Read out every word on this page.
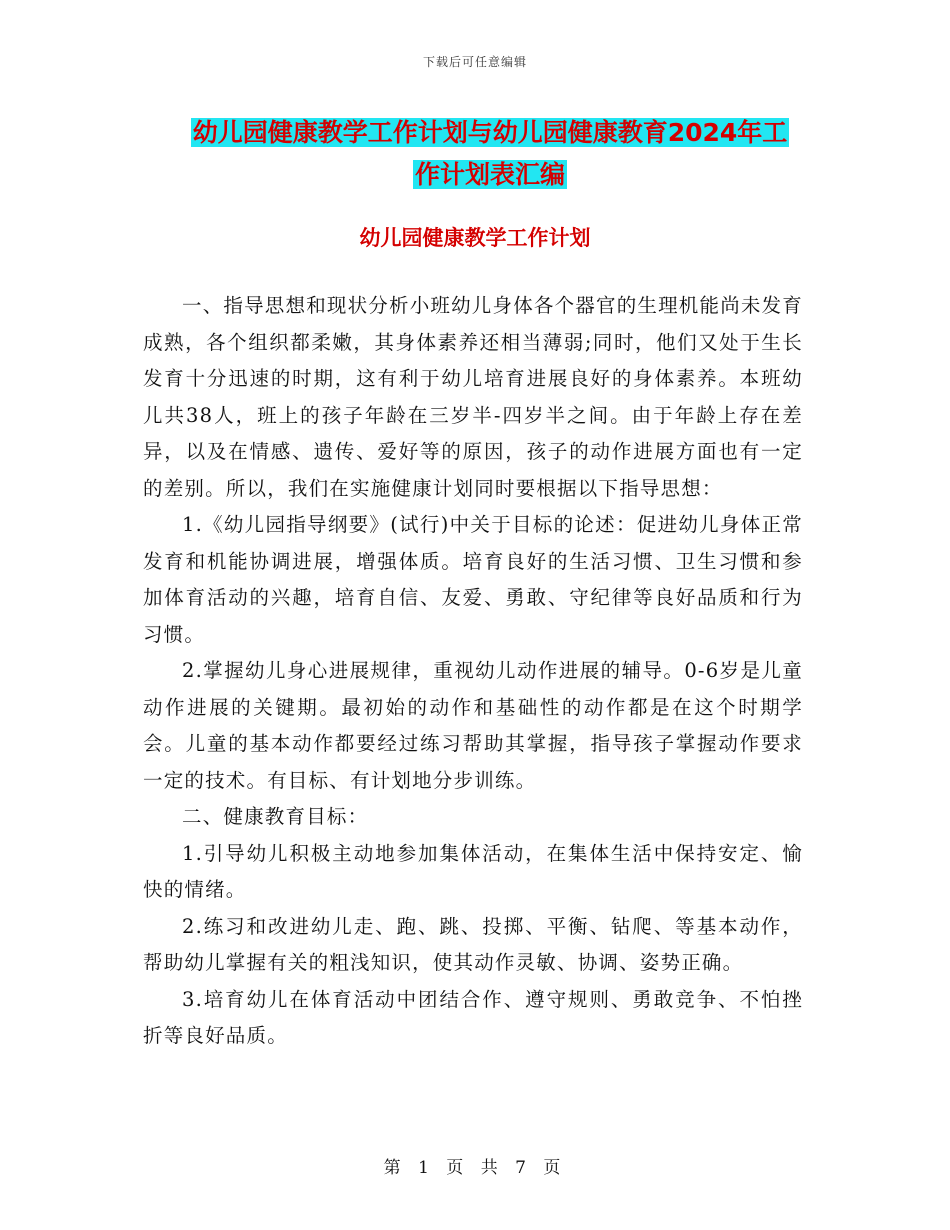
下载后可任意编辑
幼儿园健康教学工作计划与幼儿园健康教育2024年工
作计划表汇编
幼儿园健康教学工作计划

一、指导思想和现状分析小班幼儿身体各个器官的生理机能尚未发育成熟，各个组织都柔嫩，其身体素养还相当薄弱;同时，他们又处于生长发育十分迅速的时期，这有利于幼儿培育进展良好的身体素养。本班幼儿共38人，班上的孩子年龄在三岁半-四岁半之间。由于年龄上存在差异，以及在情感、遗传、爱好等的原因，孩子的动作进展方面也有一定的差别。所以，我们在实施健康计划同时要根据以下指导思想：

1.《幼儿园指导纲要》(试行)中关于目标的论述：促进幼儿身体正常发育和机能协调进展，增强体质。培育良好的生活习惯、卫生习惯和参加体育活动的兴趣，培育自信、友爱、勇敢、守纪律等良好品质和行为习惯。

2.掌握幼儿身心进展规律，重视幼儿动作进展的辅导。0-6岁是儿童动作进展的关键期。最初始的动作和基础性的动作都是在这个时期学会。儿童的基本动作都要经过练习帮助其掌握，指导孩子掌握动作要求一定的技术。有目标、有计划地分步训练。

二、健康教育目标：

1.引导幼儿积极主动地参加集体活动，在集体生活中保持安定、愉快的情绪。

2.练习和改进幼儿走、跑、跳、投掷、平衡、钻爬、等基本动作，帮助幼儿掌握有关的粗浅知识，使其动作灵敏、协调、姿势正确。

3.培育幼儿在体育活动中团结合作、遵守规则、勇敢竞争、不怕挫折等良好品质。

第 1 页 共 7 页
